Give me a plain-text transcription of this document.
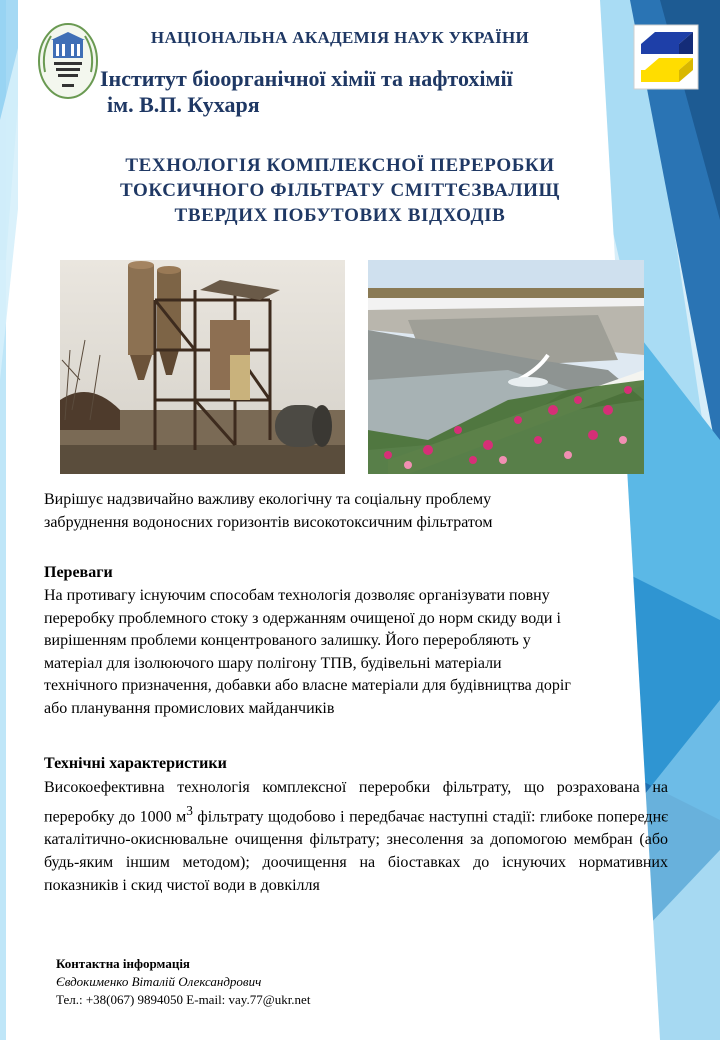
НАЦІОНАЛЬНА АКАДЕМІЯ НАУК УКРАЇНИ
Інститут біоорганічної хімії та нафтохімії
ім. В.П. Кухаря
ТЕХНОЛОГІЯ КОМПЛЕКСНОЇ ПЕРЕРОБКИ
ТОКСИЧНОГО ФІЛЬТРАТУ СМІТТЄЗВАЛИЩ
ТВЕРДИХ ПОБУТОВИХ ВІДХОДІВ
Вирішує надзвичайно важливу екологічну та соціальну проблему
забруднення водоносних горизонтів високотоксичним фільтратом
Переваги
На противагу існуючим способам технологія дозволяє організувати повну
переробку проблемного стоку з одержанням очищеної до норм скиду води і
вирішенням проблеми концентрованого залишку. Його переробляють у
матеріал для ізолюючого шару полігону ТПВ, будівельні матеріали
технічного призначення, добавки або власне матеріали для будівництва доріг
або планування промислових майданчиків
Технічні характеристики
Високоефективна технологія комплексної переробки фільтрату, що розрахована на переробку до 1000 $м^3$ фільтрату щодобово і передбачає наступні стадії: глибоке попереднє каталітично-окиснювальне очищення фільтрату; знесолення за допомогою мембран (або будь-яким іншим методом); доочищення на біоставках до існуючих нормативних показників і скид чистої води в довкілля
Контактна інформація
Євдокименко Віталій Олександрович
Тел.: +38(067) 9894050 E-mail: vay.77@ukr.net
